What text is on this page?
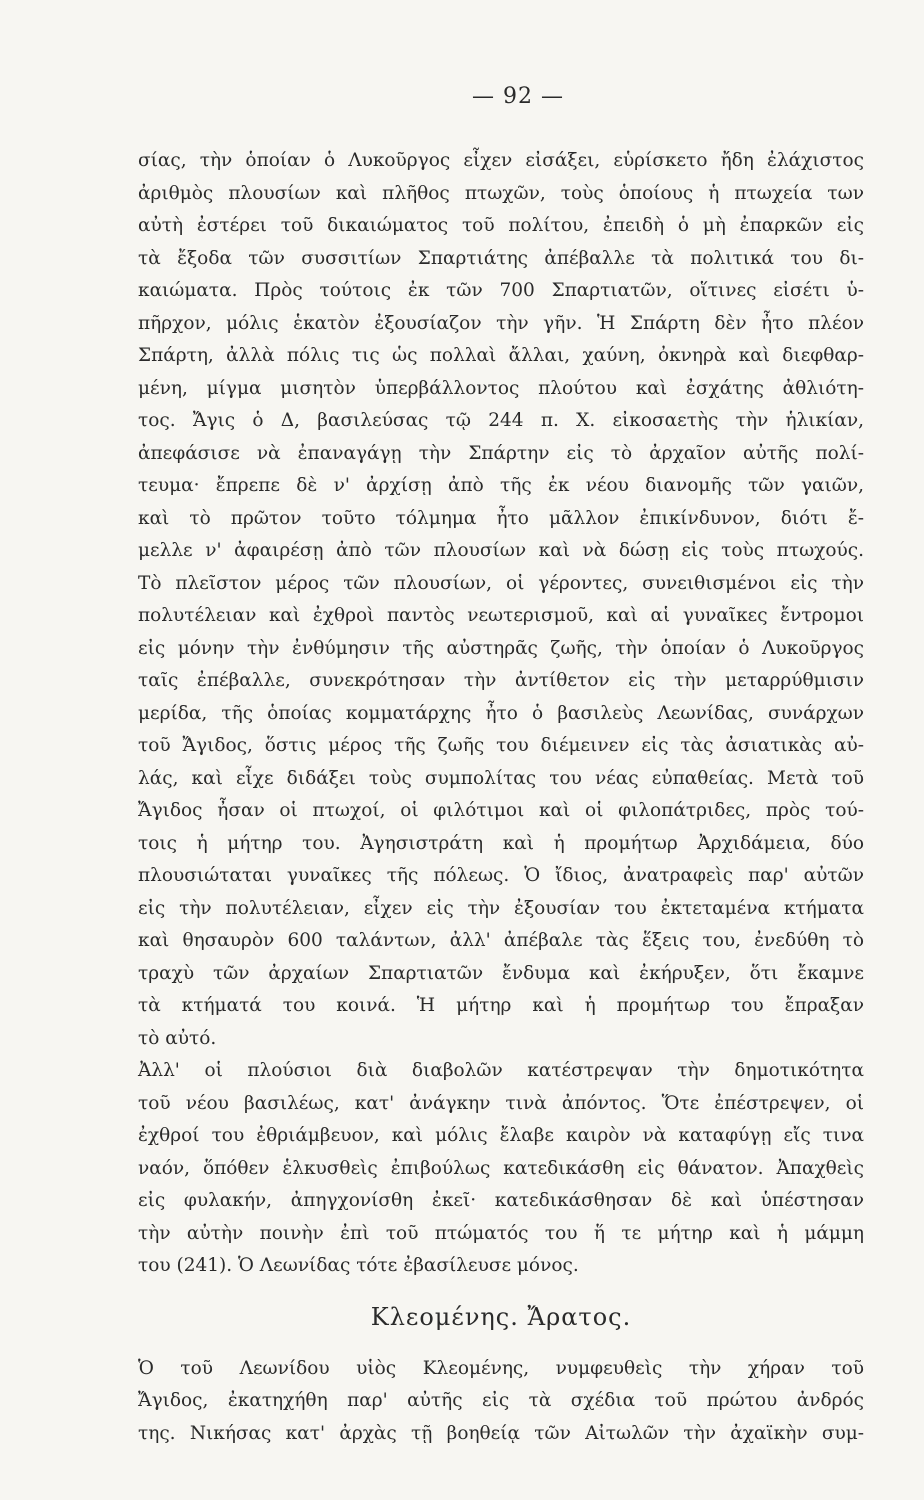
— 92 —
σίας, τὴν ὁποίαν ὁ Λυκοῦργος εἶχεν εἰσάξει, εὑρίσκετο ἤδη ἐλάχιστος
ἀριθμὸς πλουσίων καὶ πλῆθος πτωχῶν, τοὺς ὁποίους ἡ πτωχεία των
αὐτὴ ἐστέρει τοῦ δικαιώματος τοῦ πολίτου, ἐπειδὴ ὁ μὴ ἐπαρκῶν εἰς
τὰ ἔξοδα τῶν συσσιτίων Σπαρτιάτης ἀπέβαλλε τὰ πολιτικά του δι-
καιώματα. Πρὸς τούτοις ἐκ τῶν 700 Σπαρτιατῶν, οἵτινες εἰσέτι ὑ-
πῆρχον, μόλις ἑκατὸν ἐξουσίαζον τὴν γῆν. Ἡ Σπάρτη δὲν ἦτο πλέον
Σπάρτη, ἀλλὰ πόλις τις ὡς πολλαὶ ἄλλαι, χαύνη, ὀκνηρὰ καὶ διεφθαρ-
μένη, μίγμα μισητὸν ὑπερβάλλοντος πλούτου καὶ ἐσχάτης ἀθλιότη-
τος. Ἄγις ὁ Δ, βασιλεύσας τῷ 244 π. Χ. εἰκοσαετὴς τὴν ἡλικίαν,
ἀπεφάσισε νὰ ἐπαναγάγῃ τὴν Σπάρτην εἰς τὸ ἀρχαῖον αὐτῆς πολί-
τευμα· ἔπρεπε δὲ ν' ἀρχίσῃ ἀπὸ τῆς ἐκ νέου διανομῆς τῶν γαιῶν,
καὶ τὸ πρῶτον τοῦτο τόλμημα ἦτο μᾶλλον ἐπικίνδυνον, διότι ἔ-
μελλε ν' ἀφαιρέσῃ ἀπὸ τῶν πλουσίων καὶ νὰ δώσῃ εἰς τοὺς πτωχούς.
Τὸ πλεῖστον μέρος τῶν πλουσίων, οἱ γέροντες, συνειθισμένοι εἰς τὴν
πολυτέλειαν καὶ ἐχθροὶ παντὸς νεωτερισμοῦ, καὶ αἱ γυναῖκες ἔντρομοι
εἰς μόνην τὴν ἐνθύμησιν τῆς αὐστηρᾶς ζωῆς, τὴν ὁποίαν ὁ Λυκοῦργος
ταῖς ἐπέβαλλε, συνεκρότησαν τὴν ἀντίθετον εἰς τὴν μεταρρύθμισιν
μερίδα, τῆς ὁποίας κομματάρχης ἦτο ὁ βασιλεὺς Λεωνίδας, συνάρχων
τοῦ Ἄγιδος, ὅστις μέρος τῆς ζωῆς του διέμεινεν εἰς τὰς ἀσιατικὰς αὐ-
λάς, καὶ εἶχε διδάξει τοὺς συμπολίτας του νέας εὐπαθείας. Μετὰ τοῦ
Ἄγιδος ἦσαν οἱ πτωχοί, οἱ φιλότιμοι καὶ οἱ φιλοπάτριδες, πρὸς τού-
τοις ἡ μήτηρ του. Ἀγησιστράτη καὶ ἡ προμήτωρ Ἀρχιδάμεια, δύο
πλουσιώταται γυναῖκες τῆς πόλεως. Ὁ ἴδιος, ἀνατραφεὶς παρ' αὐτῶν
εἰς τὴν πολυτέλειαν, εἶχεν εἰς τὴν ἐξουσίαν του ἐκτεταμένα κτήματα
καὶ θησαυρὸν 600 ταλάντων, ἀλλ' ἀπέβαλε τὰς ἕξεις του, ἐνεδύθη τὸ
τραχὺ τῶν ἀρχαίων Σπαρτιατῶν ἔνδυμα καὶ ἐκήρυξεν, ὅτι ἔκαμνε
τὰ κτήματά του κοινά. Ἡ μήτηρ καὶ ἡ προμήτωρ του ἔπραξαν
τὸ αὐτό.
Ἀλλ' οἱ πλούσιοι διὰ διαβολῶν κατέστρεψαν τὴν δημοτικότητα
τοῦ νέου βασιλέως, κατ' ἀνάγκην τινὰ ἀπόντος. Ὅτε ἐπέστρεψεν, οἱ
ἐχθροί του ἐθριάμβευον, καὶ μόλις ἔλαβε καιρὸν νὰ καταφύγῃ εἴς τινα
ναόν, ὅπόθεν ἑλκυσθεὶς ἐπιβούλως κατεδικάσθη εἰς θάνατον. Ἀπαχθεὶς
εἰς φυλακήν, ἀπηγχονίσθη ἐκεῖ· κατεδικάσθησαν δὲ καὶ ὑπέστησαν
τὴν αὐτὴν ποινὴν ἐπὶ τοῦ πτώματός του ἥ τε μήτηρ καὶ ἡ μάμμη
του (241). Ὁ Λεωνίδας τότε ἐβασίλευσε μόνος.
Κλεομένης. Ἄρατος.
Ὁ τοῦ Λεωνίδου υἱὸς Κλεομένης, νυμφευθεὶς τὴν χήραν τοῦ
Ἄγιδος, ἐκατηχήθη παρ' αὐτῆς εἰς τὰ σχέδια τοῦ πρώτου ἀνδρός
της. Νικήσας κατ' ἀρχὰς τῇ βοηθείᾳ τῶν Αἰτωλῶν τὴν ἀχαϊκὴν συμ-
